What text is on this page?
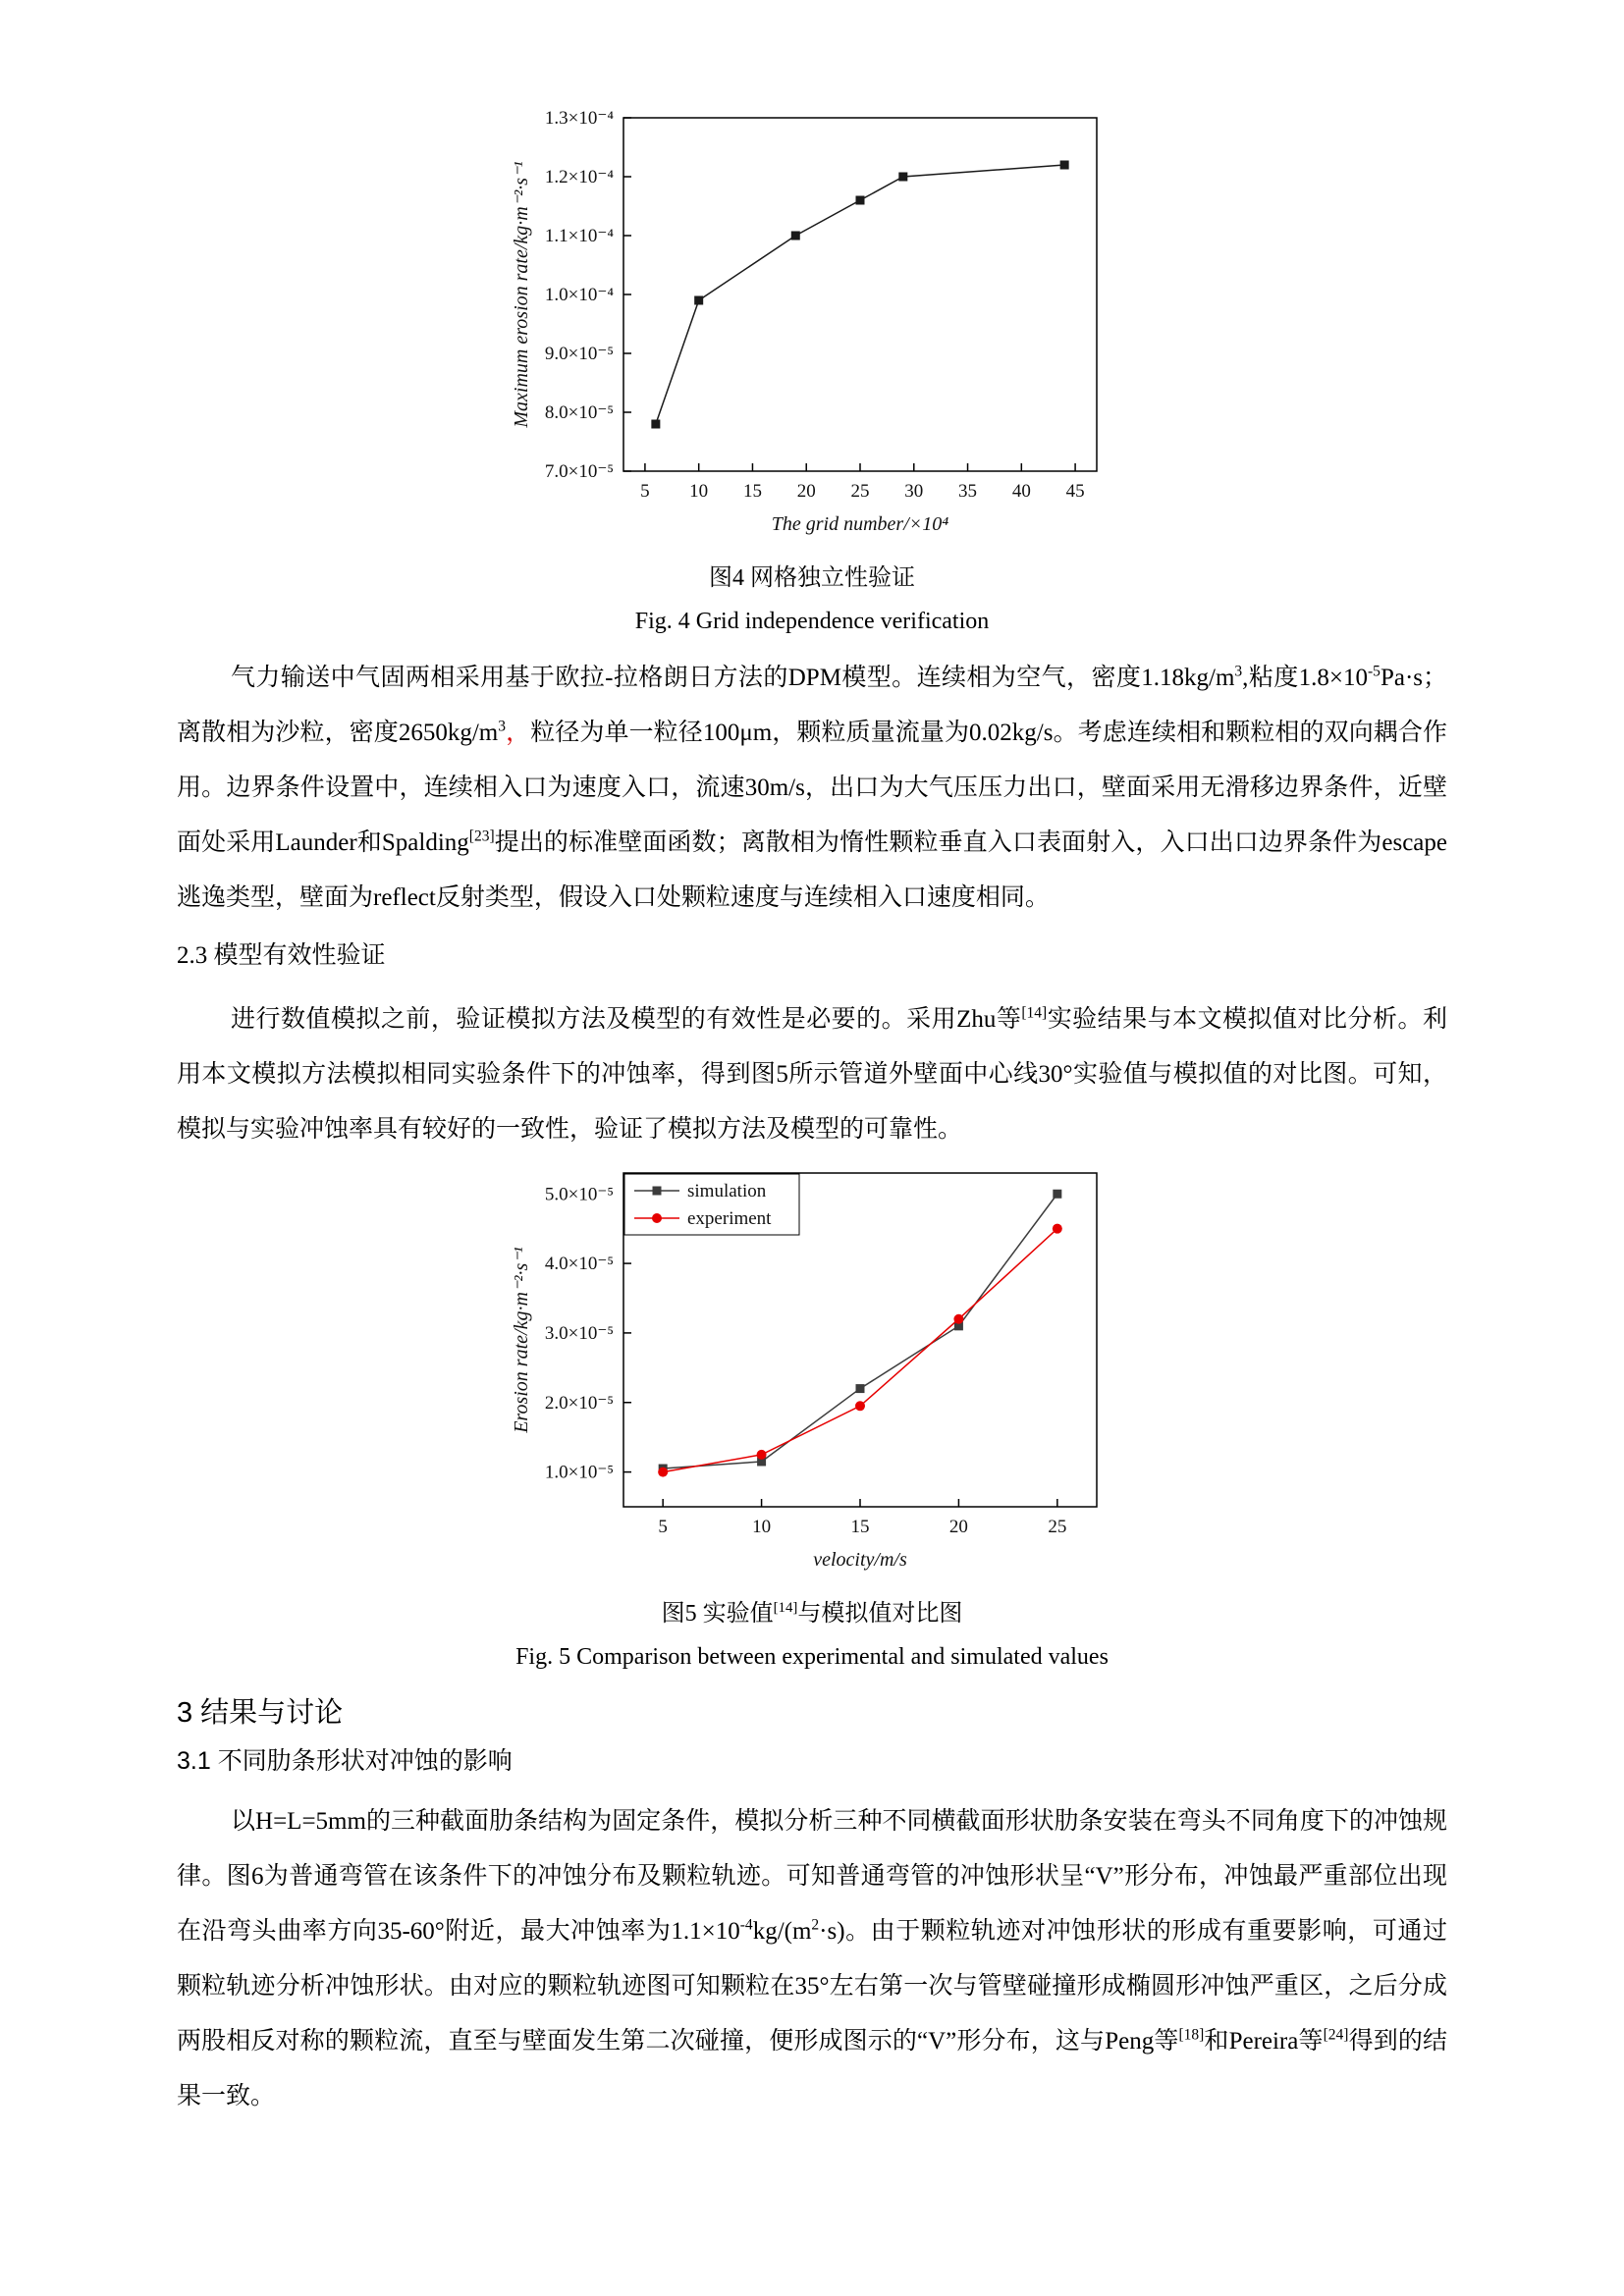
5 10 15 20 25 30 35 40 45
7.0×10⁻⁵
8.0×10⁻⁵
9.0×10⁻⁵
1.0×10⁻⁴
1.1×10⁻⁴
1.2×10⁻⁴
1.3×10⁻⁴
The grid number/×10⁴
Maximum erosion rate/kg·m⁻²·s⁻¹

图4 网格独立性验证

Fig. 4 Grid independence verification

气力输送中气固两相采用基于欧拉-拉格朗日方法的DPM模型。连续相为空气，密度$1.18kg/m^3$,粘度$1.8\times 10^{-5}Pa\cdot s$；离散相为沙粒，密度$2650kg/m^3$，粒径为单一粒径100μm，颗粒质量流量为0.02kg/s。考虑连续相和颗粒相的双向耦合作用。边界条件设置中，连续相入口为速度入口，流速30m/s，出口为大气压压力出口，壁面采用无滑移边界条件，近壁面处采用Launder和Spalding[23]提出的标准壁面函数；离散相为惰性颗粒垂直入口表面射入，入口出口边界条件为escape逃逸类型，壁面为reflect反射类型，假设入口处颗粒速度与连续相入口速度相同。

2.3 模型有效性验证

进行数值模拟之前，验证模拟方法及模型的有效性是必要的。采用Zhu等[14]实验结果与本文模拟值对比分析。利用本文模拟方法模拟相同实验条件下的冲蚀率，得到图5所示管道外壁面中心线30°实验值与模拟值的对比图。可知，模拟与实验冲蚀率具有较好的一致性，验证了模拟方法及模型的可靠性。

5	10	15	20	25
1.0×10⁻⁵
2.0×10⁻⁵
3.0×10⁻⁵
4.0×10⁻⁵
5.0×10⁻⁵
velocity/m/s
Erosion rate/kg·m⁻²·s⁻¹
simulation
experiment

图5 实验值[14]与模拟值对比图

Fig. 5 Comparison between experimental and simulated values

3 结果与讨论
3.1 不同肋条形状对冲蚀的影响

以H=L=5mm的三种截面肋条结构为固定条件，模拟分析三种不同横截面形状肋条安装在弯头不同角度下的冲蚀规律。图6为普通弯管在该条件下的冲蚀分布及颗粒轨迹。可知普通弯管的冲蚀形状呈“V”形分布，冲蚀最严重部位出现在沿弯头曲率方向35-60°附近，最大冲蚀率为$1.1\times 10^{-4}kg/(m^2\cdot s)$。由于颗粒轨迹对冲蚀形状的形成有重要影响，可通过颗粒轨迹分析冲蚀形状。由对应的颗粒轨迹图可知颗粒在35°左右第一次与管壁碰撞形成椭圆形冲蚀严重区，之后分成两股相反对称的颗粒流，直至与壁面发生第二次碰撞，便形成图示的“V”形分布，这与Peng等[18]和Pereira等[24]得到的结果一致。
